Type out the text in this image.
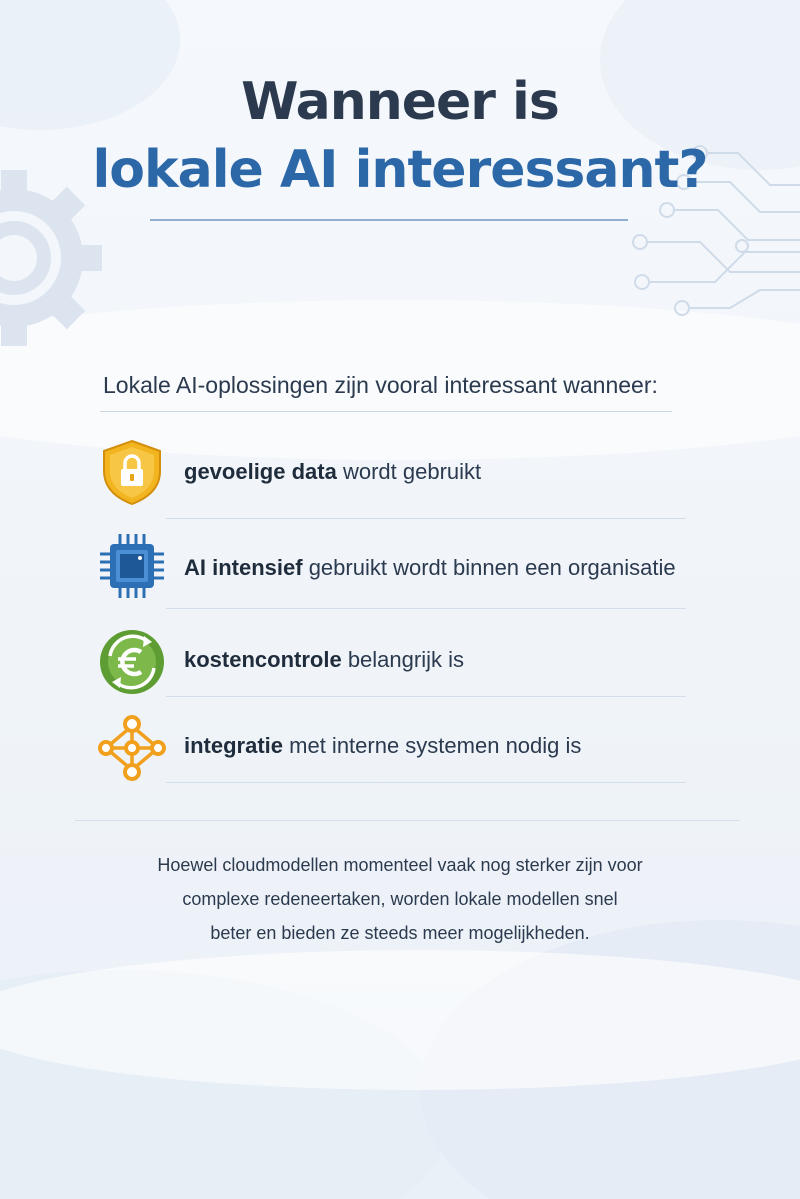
Wanneer is
lokale AI interessant?

Lokale AI-oplossingen zijn vooral interessant wanneer:

gevoelige data wordt gebruikt
AI intensief gebruikt wordt binnen een organisatie
kostencontrole belangrijk is
integratie met interne systemen nodig is
Hoewel cloudmodellen momenteel vaak nog sterker zijn voor
complexe redeneertaken, worden lokale modellen snel
beter en bieden ze steeds meer mogelijkheden.
